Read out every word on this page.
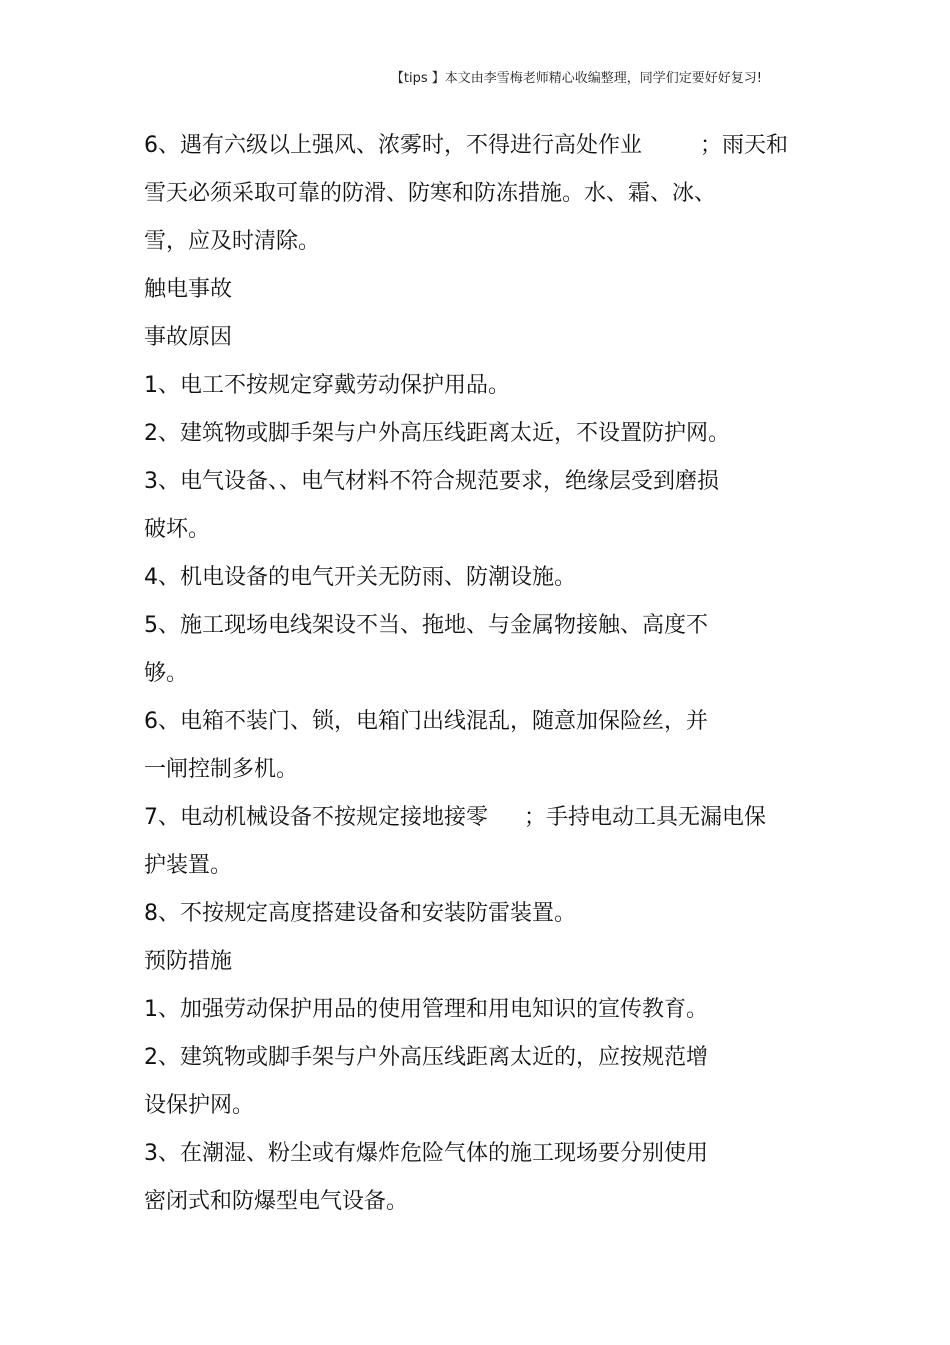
【tips 】本文由李雪梅老师精心收编整理，同学们定要好好复习!
6、遇有六级以上强风、浓雾时，不得进行高处作业	；雨天和
雪天必须采取可靠的防滑、防寒和防冻措施。水、霜、冰、
雪，应及时清除。
触电事故
事故原因
1、电工不按规定穿戴劳动保护用品。
2、建筑物或脚手架与户外高压线距离太近，不设置防护网。
3、电气设备、、电气材料不符合规范要求，绝缘层受到磨损
破坏。
4、机电设备的电气开关无防雨、防潮设施。
5、施工现场电线架设不当、拖地、与金属物接触、高度不
够。
6、电箱不装门、锁，电箱门出线混乱，随意加保险丝，并
一闸控制多机。
7、电动机械设备不按规定接地接零 ；手持电动工具无漏电保
护装置。
8、不按规定高度搭建设备和安装防雷装置。
预防措施
1、加强劳动保护用品的使用管理和用电知识的宣传教育。
2、建筑物或脚手架与户外高压线距离太近的，应按规范增
设保护网。
3、在潮湿、粉尘或有爆炸危险气体的施工现场要分别使用
密闭式和防爆型电气设备。
